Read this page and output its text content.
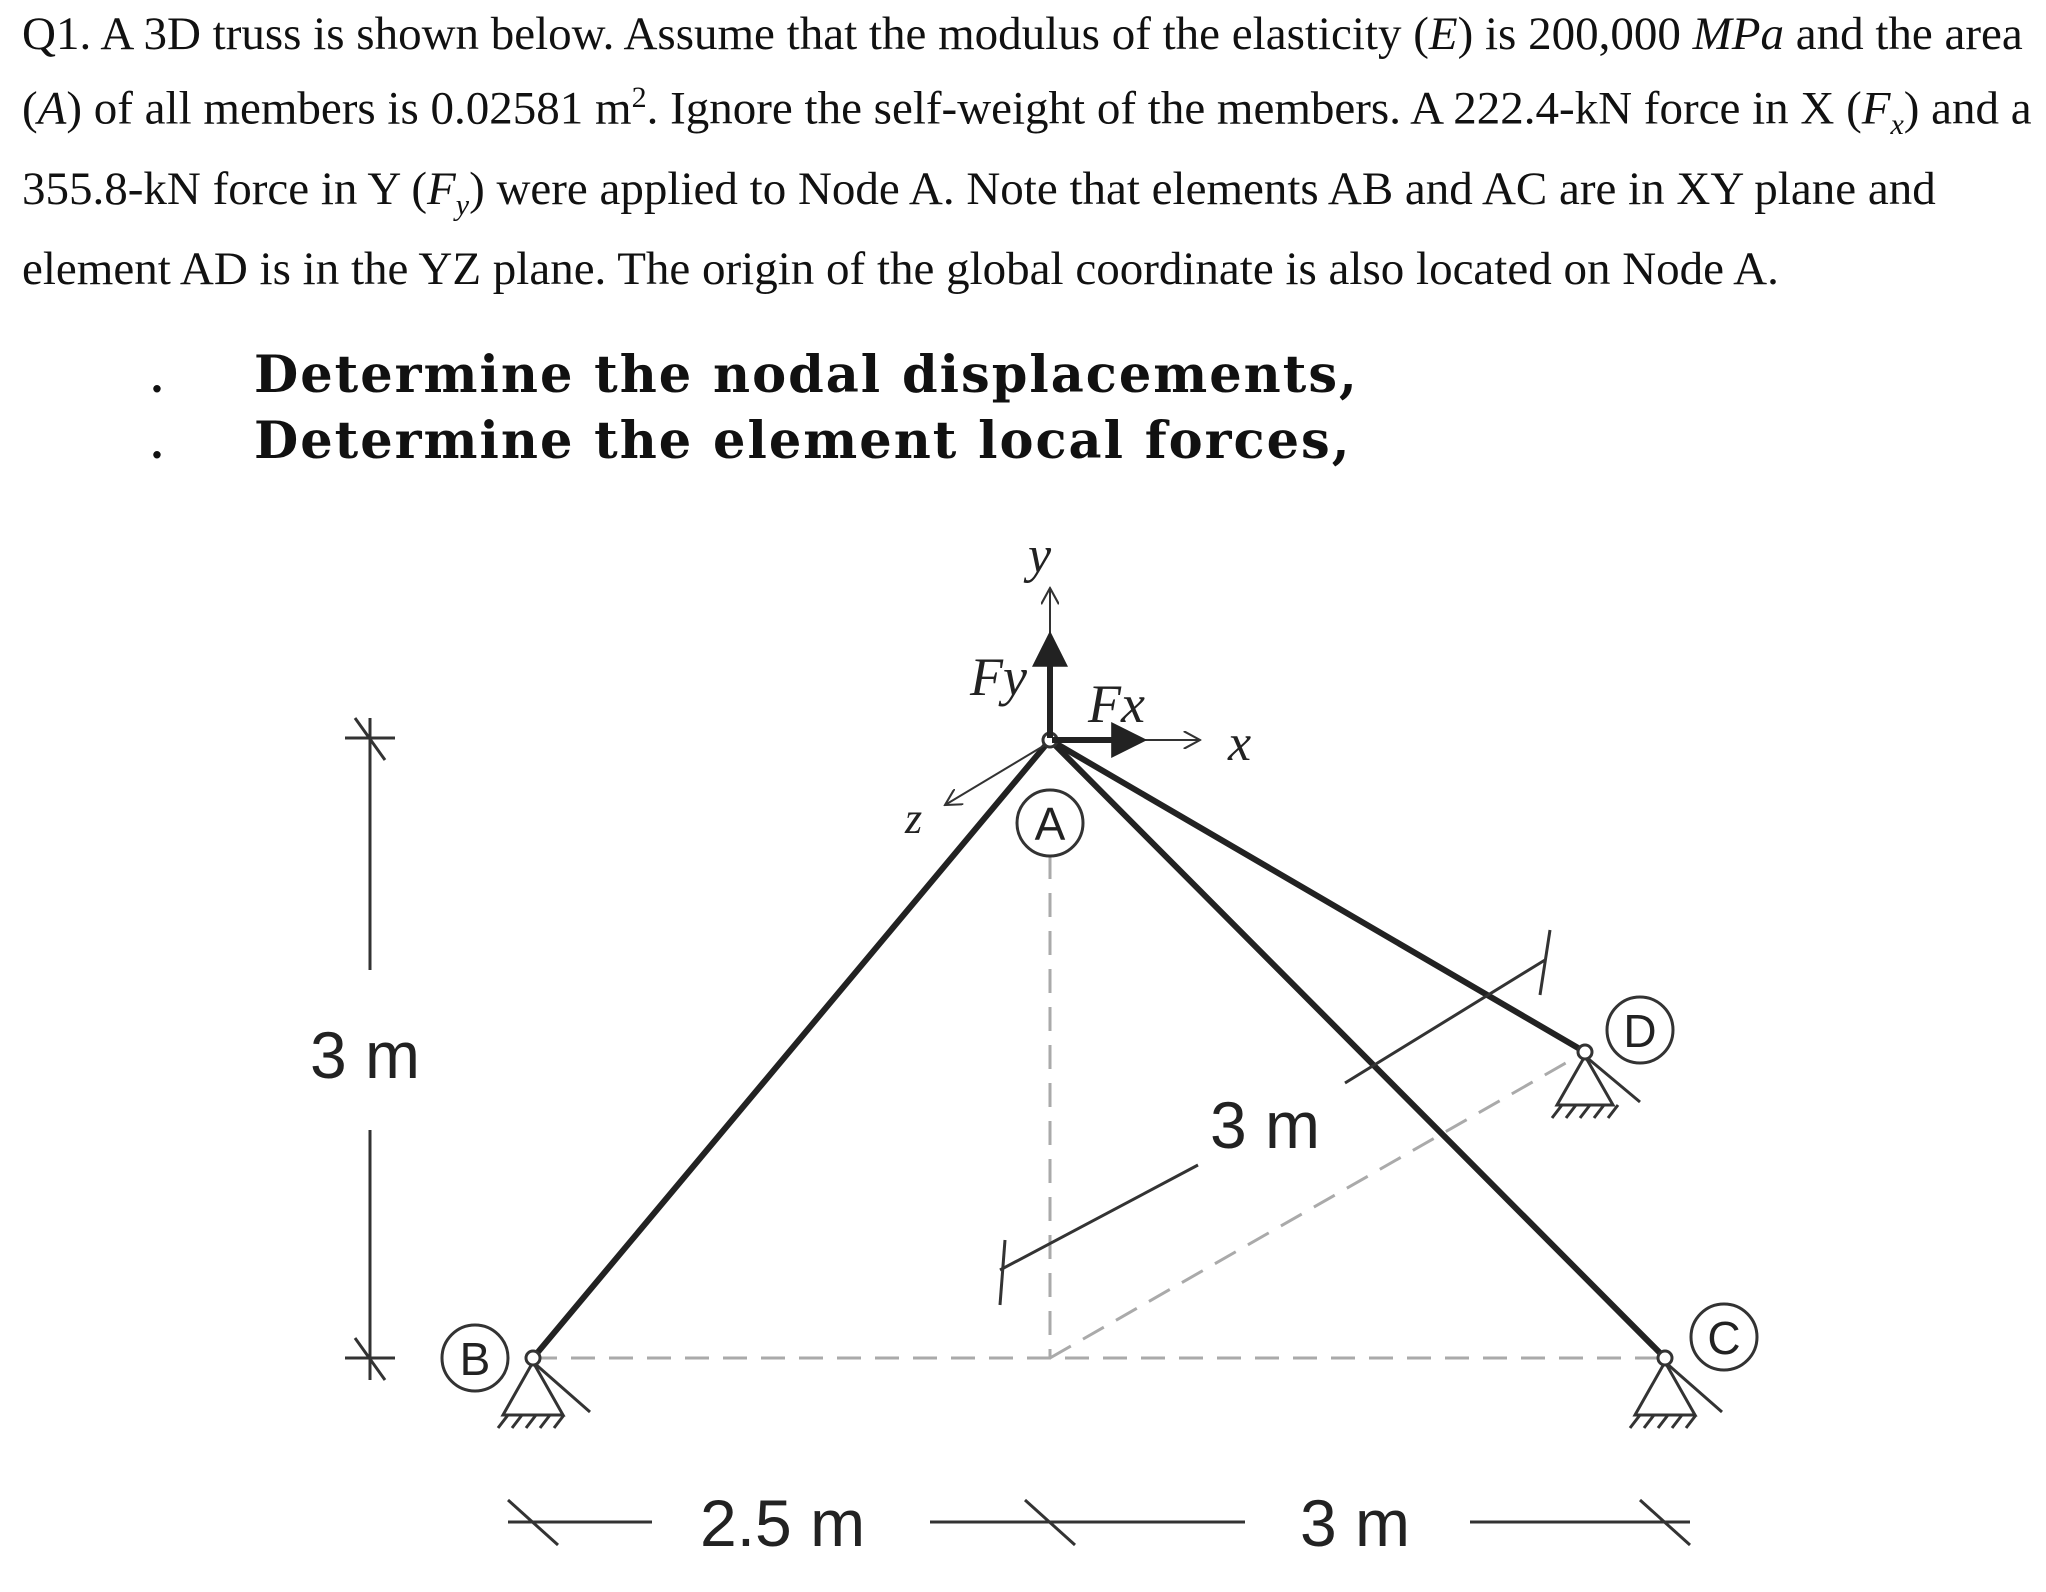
Q1. A 3D truss is shown below. Assume that the modulus of the elasticity (E) is 200,000 MPa and the area (A) of all members is 0.02581 $m^2$. Ignore the self-weight of the members. A 222.4-kN force in X $(F_x)$ and a 355.8-kN force in Y $(F_y)$ were applied to Node A. Note that elements AB and AC are in XY plane and element AD is in the YZ plane. The origin of the global coordinate is also located on Node A.

.	Determine the nodal displacements,
.	Determine the element local forces,
y
x
z
Fy Fx
A
B	C
D
3 m
3 m
2.5 m	3 m
